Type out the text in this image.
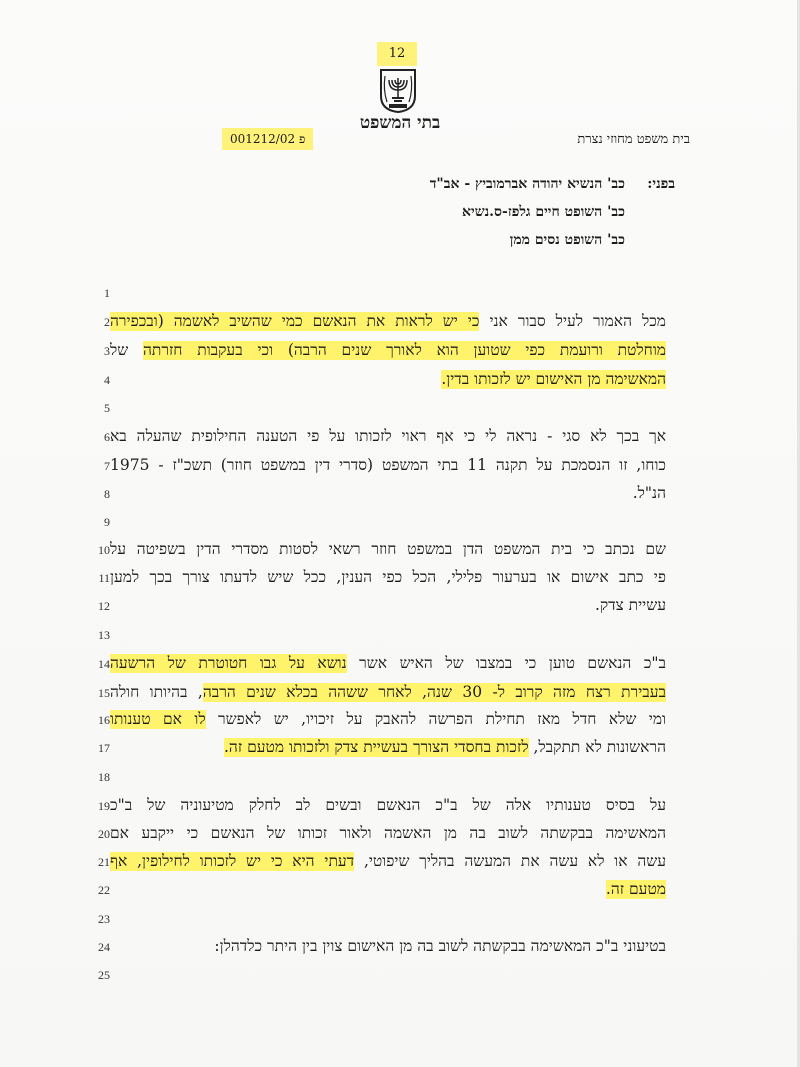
12
בתי המשפט
בית משפט מחוזי נצרת
פ 001212/02
בפני:כב' הנשיא יהודה אברמוביץ - אב"ד
כב' השופט חיים גלפז-ס.נשיא
כב' השופט נסים ממן
1
2
3
4
5
6
7
8
9
10
11
12
13
14
15
16
17
18
19
20
21
22
23
24
25
מכל האמור לעיל סבור אני כי יש לראות את הנאשם כמי שהשיב לאשמה (ובכפירה
מוחלטת ורועמת כפי שטוען הוא לאורך שנים הרבה) וכי בעקבות חזרתה של
המאשימה מן האישום יש לזכותו בדין.
אך בכך לא סגי - נראה לי כי אף ראוי לזכותו על פי הטענה החילופית שהעלה בא
כוחו, זו הנסמכת על תקנה 11 בתי המשפט (סדרי דין במשפט חוזר) תשכ"ז - 1975
הנ"ל.
שם נכתב כי בית המשפט הדן במשפט חוזר רשאי לסטות מסדרי הדין בשפיטה על
פי כתב אישום או בערעור פלילי, הכל כפי הענין, ככל שיש לדעתו צורך בכך למען
עשיית צדק.
ב"כ הנאשם טוען כי במצבו של האיש אשר נושא על גבו חטוטרת של הרשעה
בעבירת רצח מזה קרוב ל- 30 שנה, לאחר ששהה בכלא שנים הרבה, בהיותו חולה
ומי שלא חדל מאז תחילת הפרשה להאבק על זיכויו, יש לאפשר לו אם טענותו
הראשונות לא תתקבל, לזכות בחסדי הצורך בעשיית צדק ולזכותו מטעם זה.
על בסיס טענותיו אלה של ב"כ הנאשם ובשים לב לחלק מטיעוניה של ב"כ
המאשימה בבקשתה לשוב בה מן האשמה ולאור זכותו של הנאשם כי ייקבע אם
עשה או לא עשה את המעשה בהליך שיפוטי, דעתי היא כי יש לזכותו לחילופין, אף
מטעם זה.
בטיעוני ב"כ המאשימה בבקשתה לשוב בה מן האישום צוין בין היתר כלדהלן:
